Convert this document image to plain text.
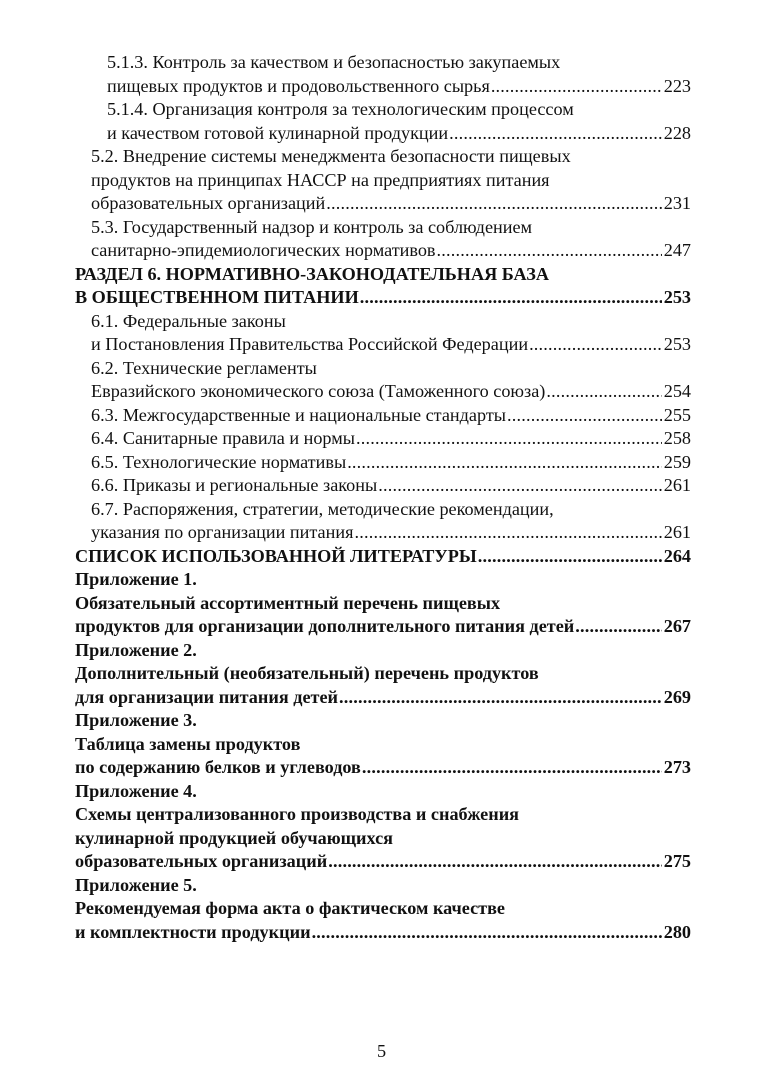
5.1.3. Контроль за качеством и безопасностью закупаемых
пищевых продуктов и продовольственного сырья .....	223
5.1.4. Организация контроля за технологическим процессом
и качеством готовой кулинарной продукции .....	228
5.2. Внедрение системы менеджмента безопасности пищевых
продуктов на принципах НАССР на предприятиях питания
образовательных организаций .....	231
5.3. Государственный надзор и контроль за соблюдением
санитарно-эпидемиологических нормативов .....	247
РАЗДЕЛ 6. НОРМАТИВНО-ЗАКОНОДАТЕЛЬНАЯ БАЗА
В ОБЩЕСТВЕННОМ ПИТАНИИ .....	253
6.1. Федеральные законы
и Постановления Правительства Российской Федерации .....	253
6.2. Технические регламенты
Евразийского экономического союза (Таможенного союза) .....	254
6.3. Межгосударственные и национальные стандарты .....	255
6.4. Санитарные правила и нормы .....	258
6.5. Технологические нормативы .....	259
6.6. Приказы и региональные законы .....	261
6.7. Распоряжения, стратегии, методические рекомендации,
указания по организации питания .....	261
СПИСОК ИСПОЛЬЗОВАННОЙ ЛИТЕРАТУРЫ .....	264
Приложение 1.
Обязательный ассортиментный перечень пищевых
продуктов для организации дополнительного питания детей .....	267
Приложение 2.
Дополнительный (необязательный) перечень продуктов
для организации питания детей .....	269
Приложение 3.
Таблица замены продуктов
по содержанию белков и углеводов .....	273
Приложение 4.
Схемы централизованного производства и снабжения
кулинарной продукцией обучающихся
образовательных организаций .....	275
Приложение 5.
Рекомендуемая форма акта о фактическом качестве
и комплектности продукции .....	280
5
